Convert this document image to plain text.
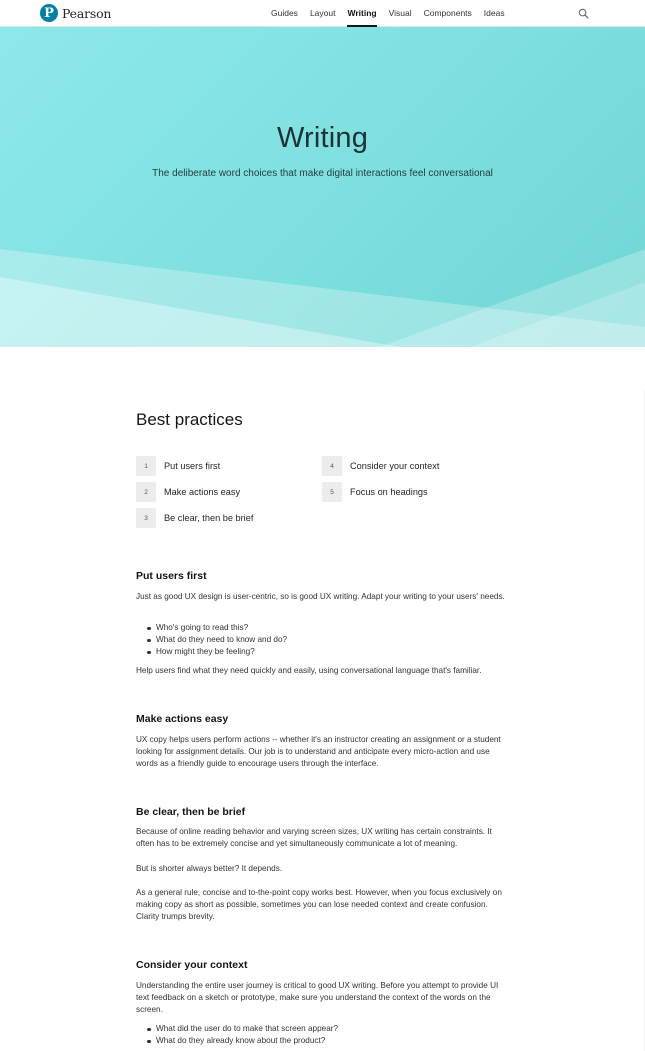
P Pearson	Guides	Layout	Writing	Visual	Components	Ideas
Writing

The deliberate word choices that make digital interactions feel conversational

Best practices
1	Put users first
2	Make actions easy
3	Be clear, then be brief
4	Consider your context
5	Focus on headings
Put users first

Just as good UX design is user-centric, so is good UX writing. Adapt your writing to your users' needs.

Who's going to read this?
What do they need to know and do?
How might they be feeling?

Help users find what they need quickly and easily, using conversational language that's familiar.

Make actions easy

UX copy helps users perform actions -- whether it's an instructor creating an assignment or a student looking for assignment details. Our job is to understand and anticipate every micro-action and use words as a friendly guide to encourage users through the interface.

Be clear, then be brief

Because of online reading behavior and varying screen sizes, UX writing has certain constraints. It often has to be extremely concise and yet simultaneously communicate a lot of meaning.

But is shorter always better? It depends.

As a general rule, concise and to-the-point copy works best. However, when you focus exclusively on making copy as short as possible, sometimes you can lose needed context and create confusion. Clarity trumps brevity.

Consider your context

Understanding the entire user journey is critical to good UX writing. Before you attempt to provide UI text feedback on a sketch or prototype, make sure you understand the context of the words on the screen.

What did the user do to make that screen appear?
What do they already know about the product?
